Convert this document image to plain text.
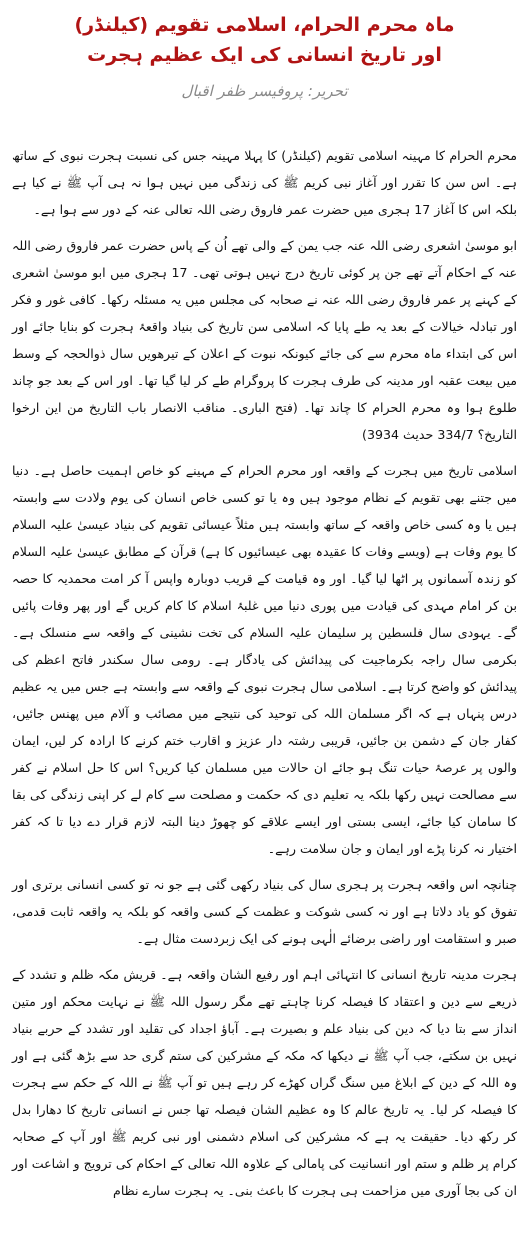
ماہ محرم الحرام، اسلامی تقویم (کیلنڈر)

اور تاریخ انسانی کی ایک عظیم ہجرت

تحریر: پروفیسر ظفر اقبال

محرم الحرام کا مہینہ اسلامی تقویم (کیلنڈر) کا پہلا مہینہ جس کی نسبت ہجرت نبوی کے ساتھ ہے۔ اس سن کا تقرر اور آغاز نبی کریم ﷺ کی زندگی میں نہیں ہوا نہ ہی آپ ﷺ نے کیا ہے بلکہ اس کا آغاز 17 ہجری میں حضرت عمر فاروق رضی اللہ تعالی عنہ کے دور سے ہوا ہے۔

ابو موسیٰ اشعری رضی اللہ عنہ جب یمن کے والی تھے اُن کے پاس حضرت عمر فاروق رضی اللہ عنہ کے احکام آتے تھے جن پر کوئی تاریخ درج نہیں ہوتی تھی۔ 17 ہجری میں ابو موسیٰ اشعری کے کہنے پر عمر فاروق رضی اللہ عنہ نے صحابہ کی مجلس میں یہ مسئلہ رکھا۔ کافی غور و فکر اور تبادلہ خیالات کے بعد یہ طے پایا کہ اسلامی سن تاریخ کی بنیاد واقعۂ ہجرت کو بنایا جائے اور اس کی ابتداء ماہ محرم سے کی جائے کیونکہ نبوت کے اعلان کے تیرھویں سال ذوالحجہ کے وسط میں بیعت عقبہ اور مدینہ کی طرف ہجرت کا پروگرام طے کر لیا گیا تھا۔ اور اس کے بعد جو چاند طلوع ہوا وہ محرم الحرام کا چاند تھا۔ (فتح الباری۔ مناقب الانصار باب التاریخ من این ارخوا التاریخ؟ 334/7 حدیث 3934)

اسلامی تاریخ میں ہجرت کے واقعہ اور محرم الحرام کے مہینے کو خاص اہمیت حاصل ہے۔ دنیا میں جتنے بھی تقویم کے نظام موجود ہیں وہ یا تو کسی خاص انسان کی یوم ولادت سے وابستہ ہیں یا وہ کسی خاص واقعہ کے ساتھ وابستہ ہیں مثلاً عیسائی تقویم کی بنیاد عیسیٰ علیہ السلام کا یوم وفات ہے (ویسے وفات کا عقیدہ بھی عیسائیوں کا ہے) قرآن کے مطابق عیسیٰ علیہ السلام کو زندہ آسمانوں پر اٹھا لیا گیا۔ اور وہ قیامت کے قریب دوبارہ واپس آ کر امت محمدیہ کا حصہ بن کر امام مہدی کی قیادت میں پوری دنیا میں غلبۂ اسلام کا کام کریں گے اور پھر وفات پائیں گے۔ یہودی سال فلسطین پر سلیمان علیہ السلام کی تخت نشینی کے واقعہ سے منسلک ہے۔ بکرمی سال راجہ بکرماجیت کی پیدائش کی یادگار ہے۔ رومی سال سکندر فاتح اعظم کی پیدائش کو واضح کرتا ہے۔ اسلامی سال ہجرت نبوی کے واقعہ سے وابستہ ہے جس میں یہ عظیم درس پنہاں ہے کہ اگر مسلمان اللہ کی توحید کی نتیجے میں مصائب و آلام میں پھنس جائیں، کفار جان کے دشمن بن جائیں، قریبی رشتہ دار عزیز و اقارب ختم کرنے کا ارادہ کر لیں، ایمان والوں پر عرصۂ حیات تنگ ہو جائے ان حالات میں مسلمان کیا کریں؟ اس کا حل اسلام نے کفر سے مصالحت نہیں رکھا بلکہ یہ تعلیم دی کہ حکمت و مصلحت سے کام لے کر اپنی زندگی کی بقا کا سامان کیا جائے، ایسی بستی اور ایسے علاقے کو چھوڑ دینا البتہ لازم قرار دے دیا تا کہ کفر اختیار نہ کرنا پڑے اور ایمان و جان سلامت رہے۔

چنانچہ اس واقعہ ہجرت پر ہجری سال کی بنیاد رکھی گئی ہے جو نہ تو کسی انسانی برتری اور تفوق کو یاد دلاتا ہے اور نہ کسی شوکت و عظمت کے کسی واقعہ کو بلکہ یہ واقعہ ثابت قدمی، صبر و استقامت اور راضی برضائے الٰہی ہونے کی ایک زبردست مثال ہے۔

ہجرت مدینہ تاریخ انسانی کا انتہائی اہم اور رفیع الشان واقعہ ہے۔ قریش مکہ ظلم و تشدد کے ذریعے سے دین و اعتقاد کا فیصلہ کرنا چاہتے تھے مگر رسول اللہ ﷺ نے نہایت محکم اور متین انداز سے بتا دیا کہ دین کی بنیاد علم و بصیرت ہے۔ آباؤ اجداد کی تقلید اور تشدد کے حربے بنیاد نہیں بن سکتے، جب آپ ﷺ نے دیکھا کہ مکہ کے مشرکین کی ستم گری حد سے بڑھ گئی ہے اور وہ اللہ کے دین کے ابلاغ میں سنگ گراں کھڑے کر رہے ہیں تو آپ ﷺ نے اللہ کے حکم سے ہجرت کا فیصلہ کر لیا۔ یہ تاریخ عالم کا وہ عظیم الشان فیصلہ تھا جس نے انسانی تاریخ کا دھارا بدل کر رکھ دیا۔ حقیقت یہ ہے کہ مشرکین کی اسلام دشمنی اور نبی کریم ﷺ اور آپ کے صحابہ کرام پر ظلم و ستم اور انسانیت کی پامالی کے علاوہ اللہ تعالی کے احکام کی ترویج و اشاعت اور ان کی بجا آوری میں مزاحمت ہی ہجرت کا باعث بنی۔ یہ ہجرت سارے نظام
